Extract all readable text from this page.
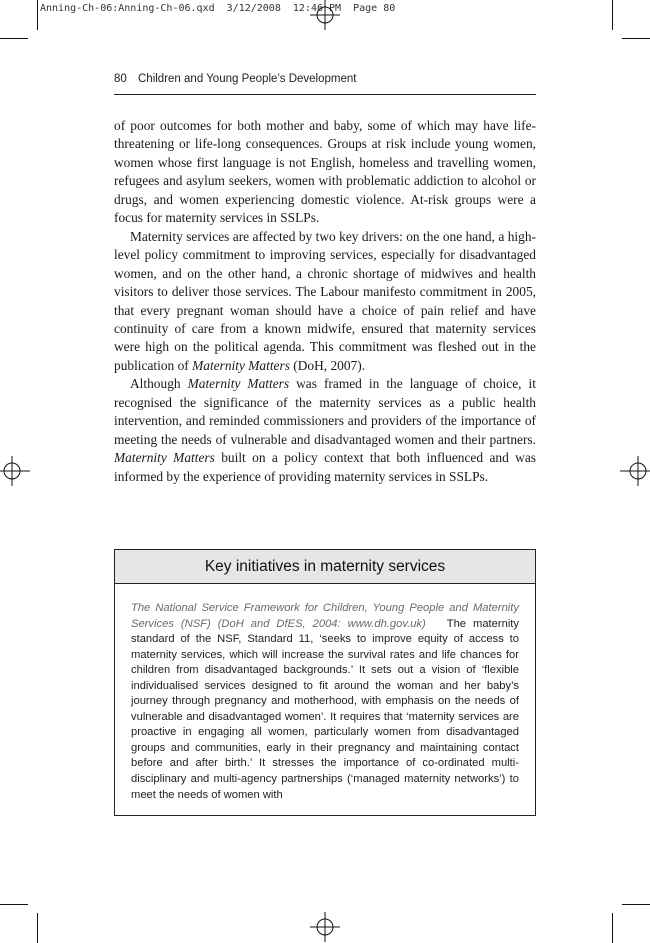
Anning-Ch-06:Anning-Ch-06.qxd 3/12/2008 12:46 PM Page 80
80 Children and Young People’s Development

of poor outcomes for both mother and baby, some of which may have life-threatening or life-long consequences. Groups at risk include young women, women whose first language is not English, homeless and travelling women, refugees and asylum seekers, women with problematic addiction to alcohol or drugs, and women experiencing domestic violence. At-risk groups were a focus for maternity services in SSLPs.

Maternity services are affected by two key drivers: on the one hand, a high-level policy commitment to improving services, especially for disadvantaged women, and on the other hand, a chronic shortage of midwives and health visitors to deliver those services. The Labour manifesto commitment in 2005, that every pregnant woman should have a choice of pain relief and have continuity of care from a known midwife, ensured that maternity services were high on the political agenda. This commitment was fleshed out in the publication of Maternity Matters (DoH, 2007).

Although Maternity Matters was framed in the language of choice, it recognised the significance of the maternity services as a public health intervention, and reminded commissioners and providers of the importance of meeting the needs of vulnerable and disadvantaged women and their partners. Maternity Matters built on a policy context that both influenced and was informed by the experience of providing maternity services in SSLPs.

Key initiatives in maternity services
The National Service Framework for Children, Young People and Maternity Services (NSF) (DoH and DfES, 2004: www.dh.gov.uk) The maternity standard of the NSF, Standard 11, ‘seeks to improve equity of access to maternity services, which will increase the survival rates and life chances for children from disadvantaged backgrounds.’ It sets out a vision of ‘flexible individualised services designed to fit around the woman and her baby’s journey through pregnancy and motherhood, with emphasis on the needs of vulnerable and disadvantaged women’. It requires that ‘maternity services are proactive in engaging all women, particularly women from disadvantaged groups and communities, early in their pregnancy and maintaining contact before and after birth.’ It stresses the importance of co-ordinated multi-disciplinary and multi-agency partnerships (‘managed maternity networks’) to meet the needs of women with
